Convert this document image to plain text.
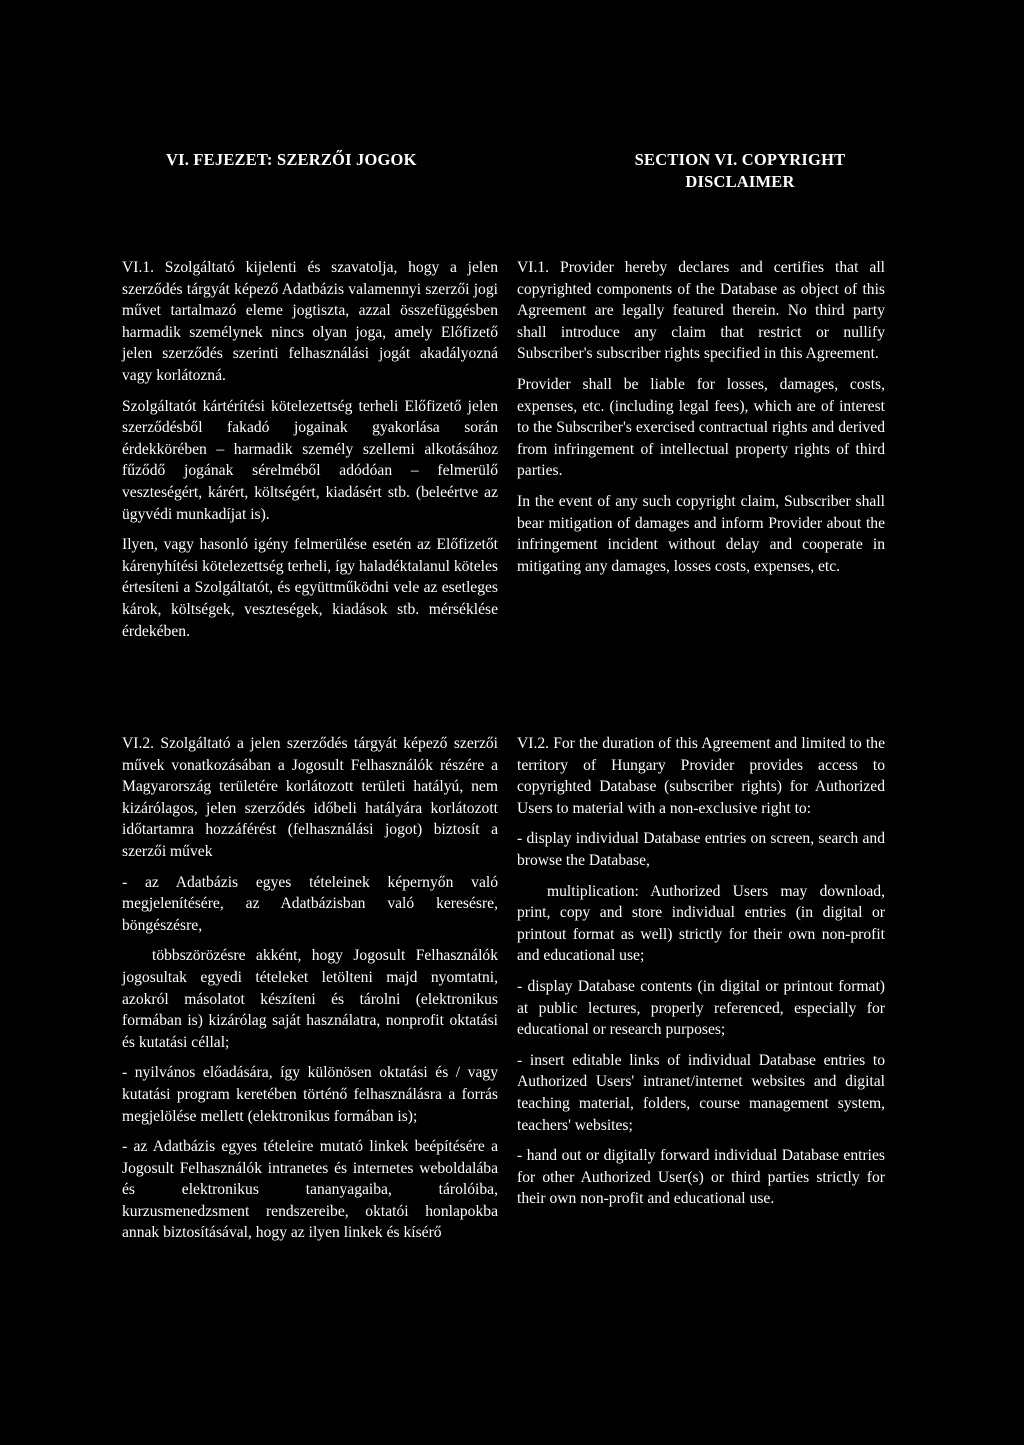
VI. FEJEZET: SZERZŐI JOGOK	SECTION VI. COPYRIGHT DISCLAIMER

VI.1. Szolgáltató kijelenti és szavatolja, hogy a jelen szerződés tárgyát képező Adatbázis valamennyi szerzői jogi művet tartalmazó eleme jogtiszta, azzal összefüggésben harmadik személynek nincs olyan joga, amely Előfizető jelen szerződés szerinti felhasználási jogát akadályozná vagy korlátozná.

Szolgáltatót kártérítési kötelezettség terheli Előfizető jelen szerződésből fakadó jogainak gyakorlása során érdekkörében – harmadik személy szellemi alkotásához fűződő jogának sérelméből adódóan – felmerülő veszteségért, kárért, költségért, kiadásért stb. (beleértve az ügyvédi munkadíjat is).

Ilyen, vagy hasonló igény felmerülése esetén az Előfizetőt kárenyhítési kötelezettség terheli, így haladéktalanul köteles értesíteni a Szolgáltatót, és együttműködni vele az esetleges károk, költségek, veszteségek, kiadások stb. mérséklése érdekében.

VI.1. Provider hereby declares and certifies that all copyrighted components of the Database as object of this Agreement are legally featured therein. No third party shall introduce any claim that restrict or nullify Subscriber's subscriber rights specified in this Agreement.

Provider shall be liable for losses, damages, costs, expenses, etc. (including legal fees), which are of interest to the Subscriber's exercised contractual rights and derived from infringement of intellectual property rights of third parties.

In the event of any such copyright claim, Subscriber shall bear mitigation of damages and inform Provider about the infringement incident without delay and cooperate in mitigating any damages, losses costs, expenses, etc.

VI.2. Szolgáltató a jelen szerződés tárgyát képező szerzői művek vonatkozásában a Jogosult Felhasználók részére a Magyarország területére korlátozott területi hatályú, nem kizárólagos, jelen szerződés időbeli hatályára korlátozott időtartamra hozzáférést (felhasználási jogot) biztosít a szerzői művek

- az Adatbázis egyes tételeinek képernyőn való megjelenítésére, az Adatbázisban való keresésre, böngészésre,

többszörözésre akként, hogy Jogosult Felhasználók jogosultak egyedi tételeket letölteni majd nyomtatni, azokról másolatot készíteni és tárolni (elektronikus formában is) kizárólag saját használatra, nonprofit oktatási és kutatási céllal;

- nyilvános előadására, így különösen oktatási és / vagy kutatási program keretében történő felhasználásra a forrás megjelölése mellett (elektronikus formában is);

- az Adatbázis egyes tételeire mutató linkek beépítésére a Jogosult Felhasználók intranetes és internetes weboldalába és elektronikus tananyagaiba, tárolóiba, kurzusmenedzsment rendszereibe, oktatói honlapokba annak biztosításával, hogy az ilyen linkek és kísérő

VI.2. For the duration of this Agreement and limited to the territory of Hungary Provider provides access to copyrighted Database (subscriber rights) for Authorized Users to material with a non-exclusive right to:

- display individual Database entries on screen, search and browse the Database,

multiplication: Authorized Users may download, print, copy and store individual entries (in digital or printout format as well) strictly for their own non-profit and educational use;

- display Database contents (in digital or printout format) at public lectures, properly referenced, especially for educational or research purposes;

- insert editable links of individual Database entries to Authorized Users' intranet/internet websites and digital teaching material, folders, course management system, teachers' websites;

- hand out or digitally forward individual Database entries for other Authorized User(s) or third parties strictly for their own non-profit and educational use.
